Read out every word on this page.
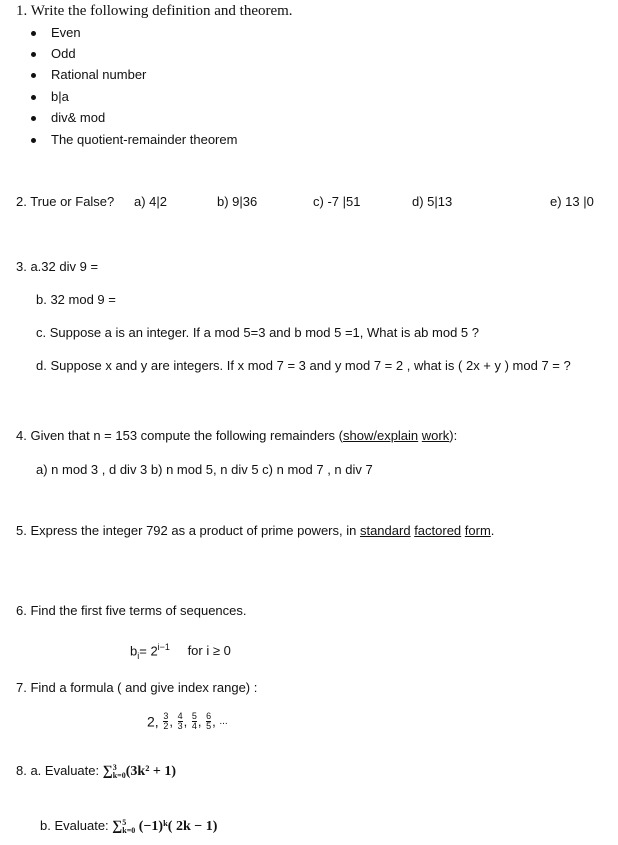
1. Write the following definition and theorem.
Even
Odd
Rational number
b|a
div& mod
The quotient-remainder theorem
2. True or False? a) 4|2	b) 9|36	c) -7 |51	d) 5|13	e) 13 |0
3. a.32 div 9 =
b. 32 mod 9 =
c. Suppose a is an integer. If a mod 5=3 and b mod 5 =1, What is ab mod 5 ?
d. Suppose x and y are integers. If x mod 7 = 3 and y mod 7 = 2 , what is ( 2x + y ) mod 7 = ?
4. Given that n = 153 compute the following remainders (show/explain work):
a) n mod 3 , d div 3 b) n mod 5, n div 5 c) n mod 7 , n div 7
5. Express the integer 792 as a product of prime powers, in standard factored form.
6. Find the first five terms of sequences.
$b_i= 2^{i-1}$ for i ≥ 0
7. Find a formula ( and give index range) :
2, $\frac{3}{2}$ , $\frac{4}{3}$ , $\frac{5}{4}$ , $\frac{6}{5}$ , ...
8. a. Evaluate: ∑ 3
k=0 (3k² + 1)
b. Evaluate: ∑ 5
k=0 (−1)ᵏ( 2k − 1)
